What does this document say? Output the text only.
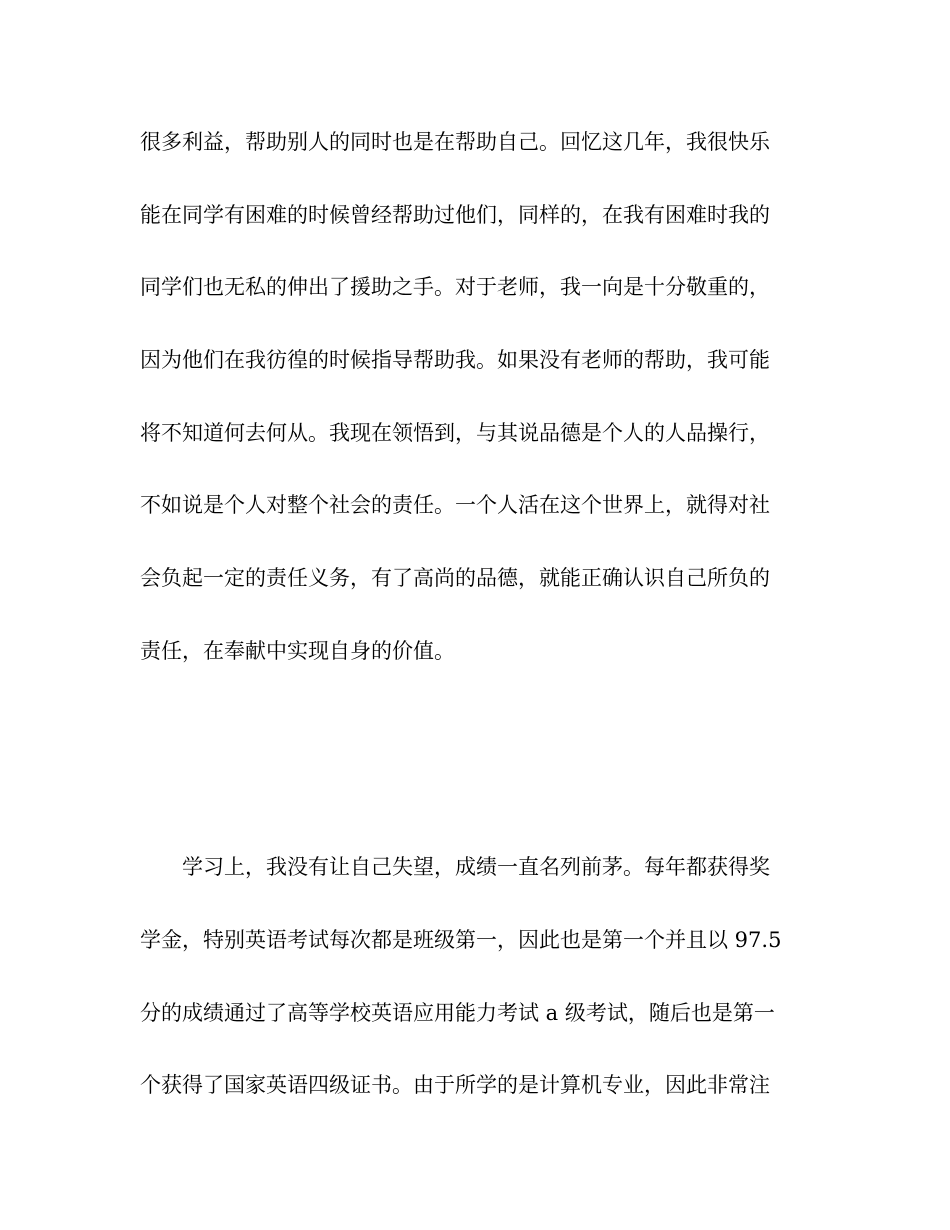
很多利益，帮助别人的同时也是在帮助自己。回忆这几年，我很快乐
能在同学有困难的时候曾经帮助过他们，同样的，在我有困难时我的
同学们也无私的伸出了援助之手。对于老师，我一向是十分敬重的，
因为他们在我彷徨的时候指导帮助我。如果没有老师的帮助，我可能
将不知道何去何从。我现在领悟到，与其说品德是个人的人品操行，
不如说是个人对整个社会的责任。一个人活在这个世界上，就得对社
会负起一定的责任义务，有了高尚的品德，就能正确认识自己所负的
责任，在奉献中实现自身的价值。
学习上，我没有让自己失望，成绩一直名列前茅。每年都获得奖
学金，特别英语考试每次都是班级第一，因此也是第一个并且以 97.5
分的成绩通过了高等学校英语应用能力考试 a 级考试，随后也是第一
个获得了国家英语四级证书。由于所学的是计算机专业，因此非常注
